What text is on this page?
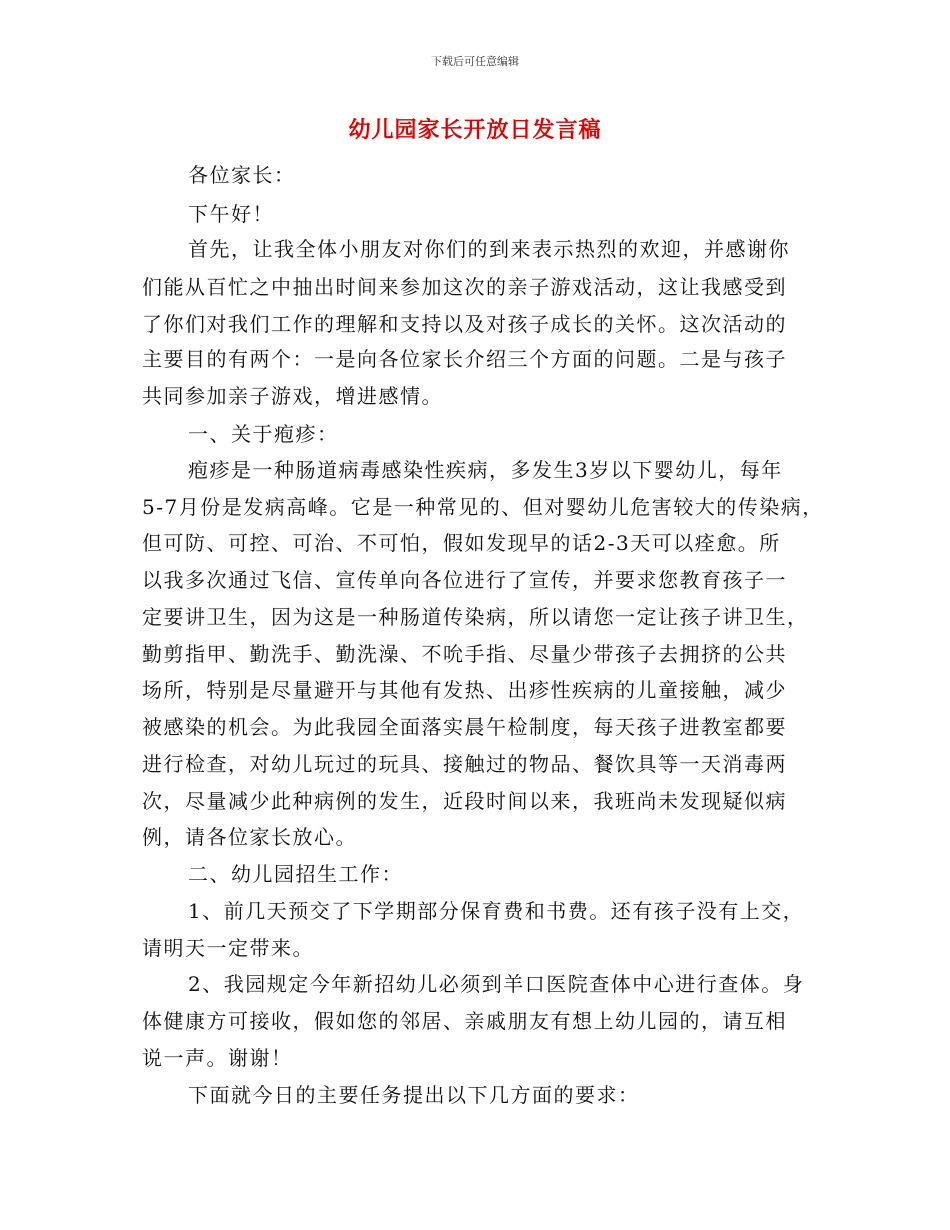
下载后可任意编辑
幼儿园家长开放日发言稿
各位家长：
下午好！
首先，让我全体小朋友对你们的到来表示热烈的欢迎，并感谢你
们能从百忙之中抽出时间来参加这次的亲子游戏活动，这让我感受到
了你们对我们工作的理解和支持以及对孩子成长的关怀。这次活动的
主要目的有两个：一是向各位家长介绍三个方面的问题。二是与孩子
共同参加亲子游戏，增进感情。
一、关于疱疹：
疱疹是一种肠道病毒感染性疾病，多发生3岁以下婴幼儿，每年
5-7月份是发病高峰。它是一种常见的、但对婴幼儿危害较大的传染病，
但可防、可控、可治、不可怕，假如发现早的话2-3天可以痊愈。所
以我多次通过飞信、宣传单向各位进行了宣传，并要求您教育孩子一
定要讲卫生，因为这是一种肠道传染病，所以请您一定让孩子讲卫生，
勤剪指甲、勤洗手、勤洗澡、不吮手指、尽量少带孩子去拥挤的公共
场所，特别是尽量避开与其他有发热、出疹性疾病的儿童接触，减少
被感染的机会。为此我园全面落实晨午检制度，每天孩子进教室都要
进行检查，对幼儿玩过的玩具、接触过的物品、餐饮具等一天消毒两
次，尽量减少此种病例的发生，近段时间以来，我班尚未发现疑似病
例，请各位家长放心。
二、幼儿园招生工作：
1、前几天预交了下学期部分保育费和书费。还有孩子没有上交，
请明天一定带来。
2、我园规定今年新招幼儿必须到羊口医院查体中心进行查体。身
体健康方可接收，假如您的邻居、亲戚朋友有想上幼儿园的，请互相
说一声。谢谢！
下面就今日的主要任务提出以下几方面的要求：
